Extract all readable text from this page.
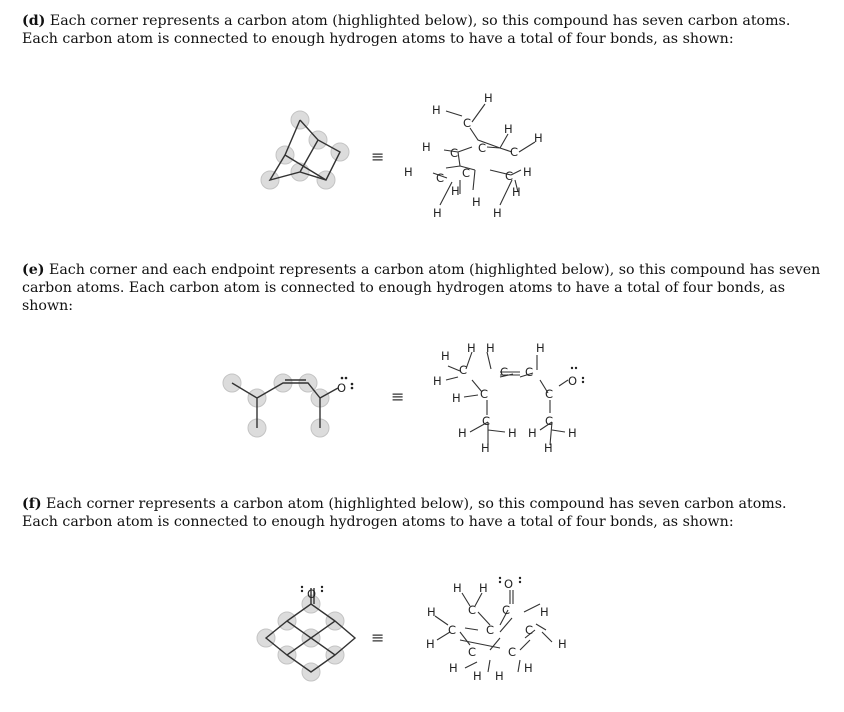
(d) Each corner represents a carbon atom (highlighted below), so this compound has seven carbon atoms. Each carbon atom is connected to enough hydrogen atoms to have a total of four bonds, as shown:

(e) Each corner and each endpoint represents a carbon atom (highlighted below), so this compound has seven carbon atoms. Each carbon atom is connected to enough hydrogen atoms to have a total of four bonds, as shown:

(f) Each corner represents a carbon atom (highlighted below), so this compound has seven carbon atoms. Each carbon atom is connected to enough hydrogen atoms to have a total of four bonds, as shown:

≡
H
C
H
H
H
C C
H C
H C C	C H
H
H
H
H	H
O	≡
H
H H	H
H
C	C C
H C	C
O
C	C
H	H H	H
H	H
O
≡
H H O
H	C C	H
C	C	C
H	H
C	C
H
H H
H
